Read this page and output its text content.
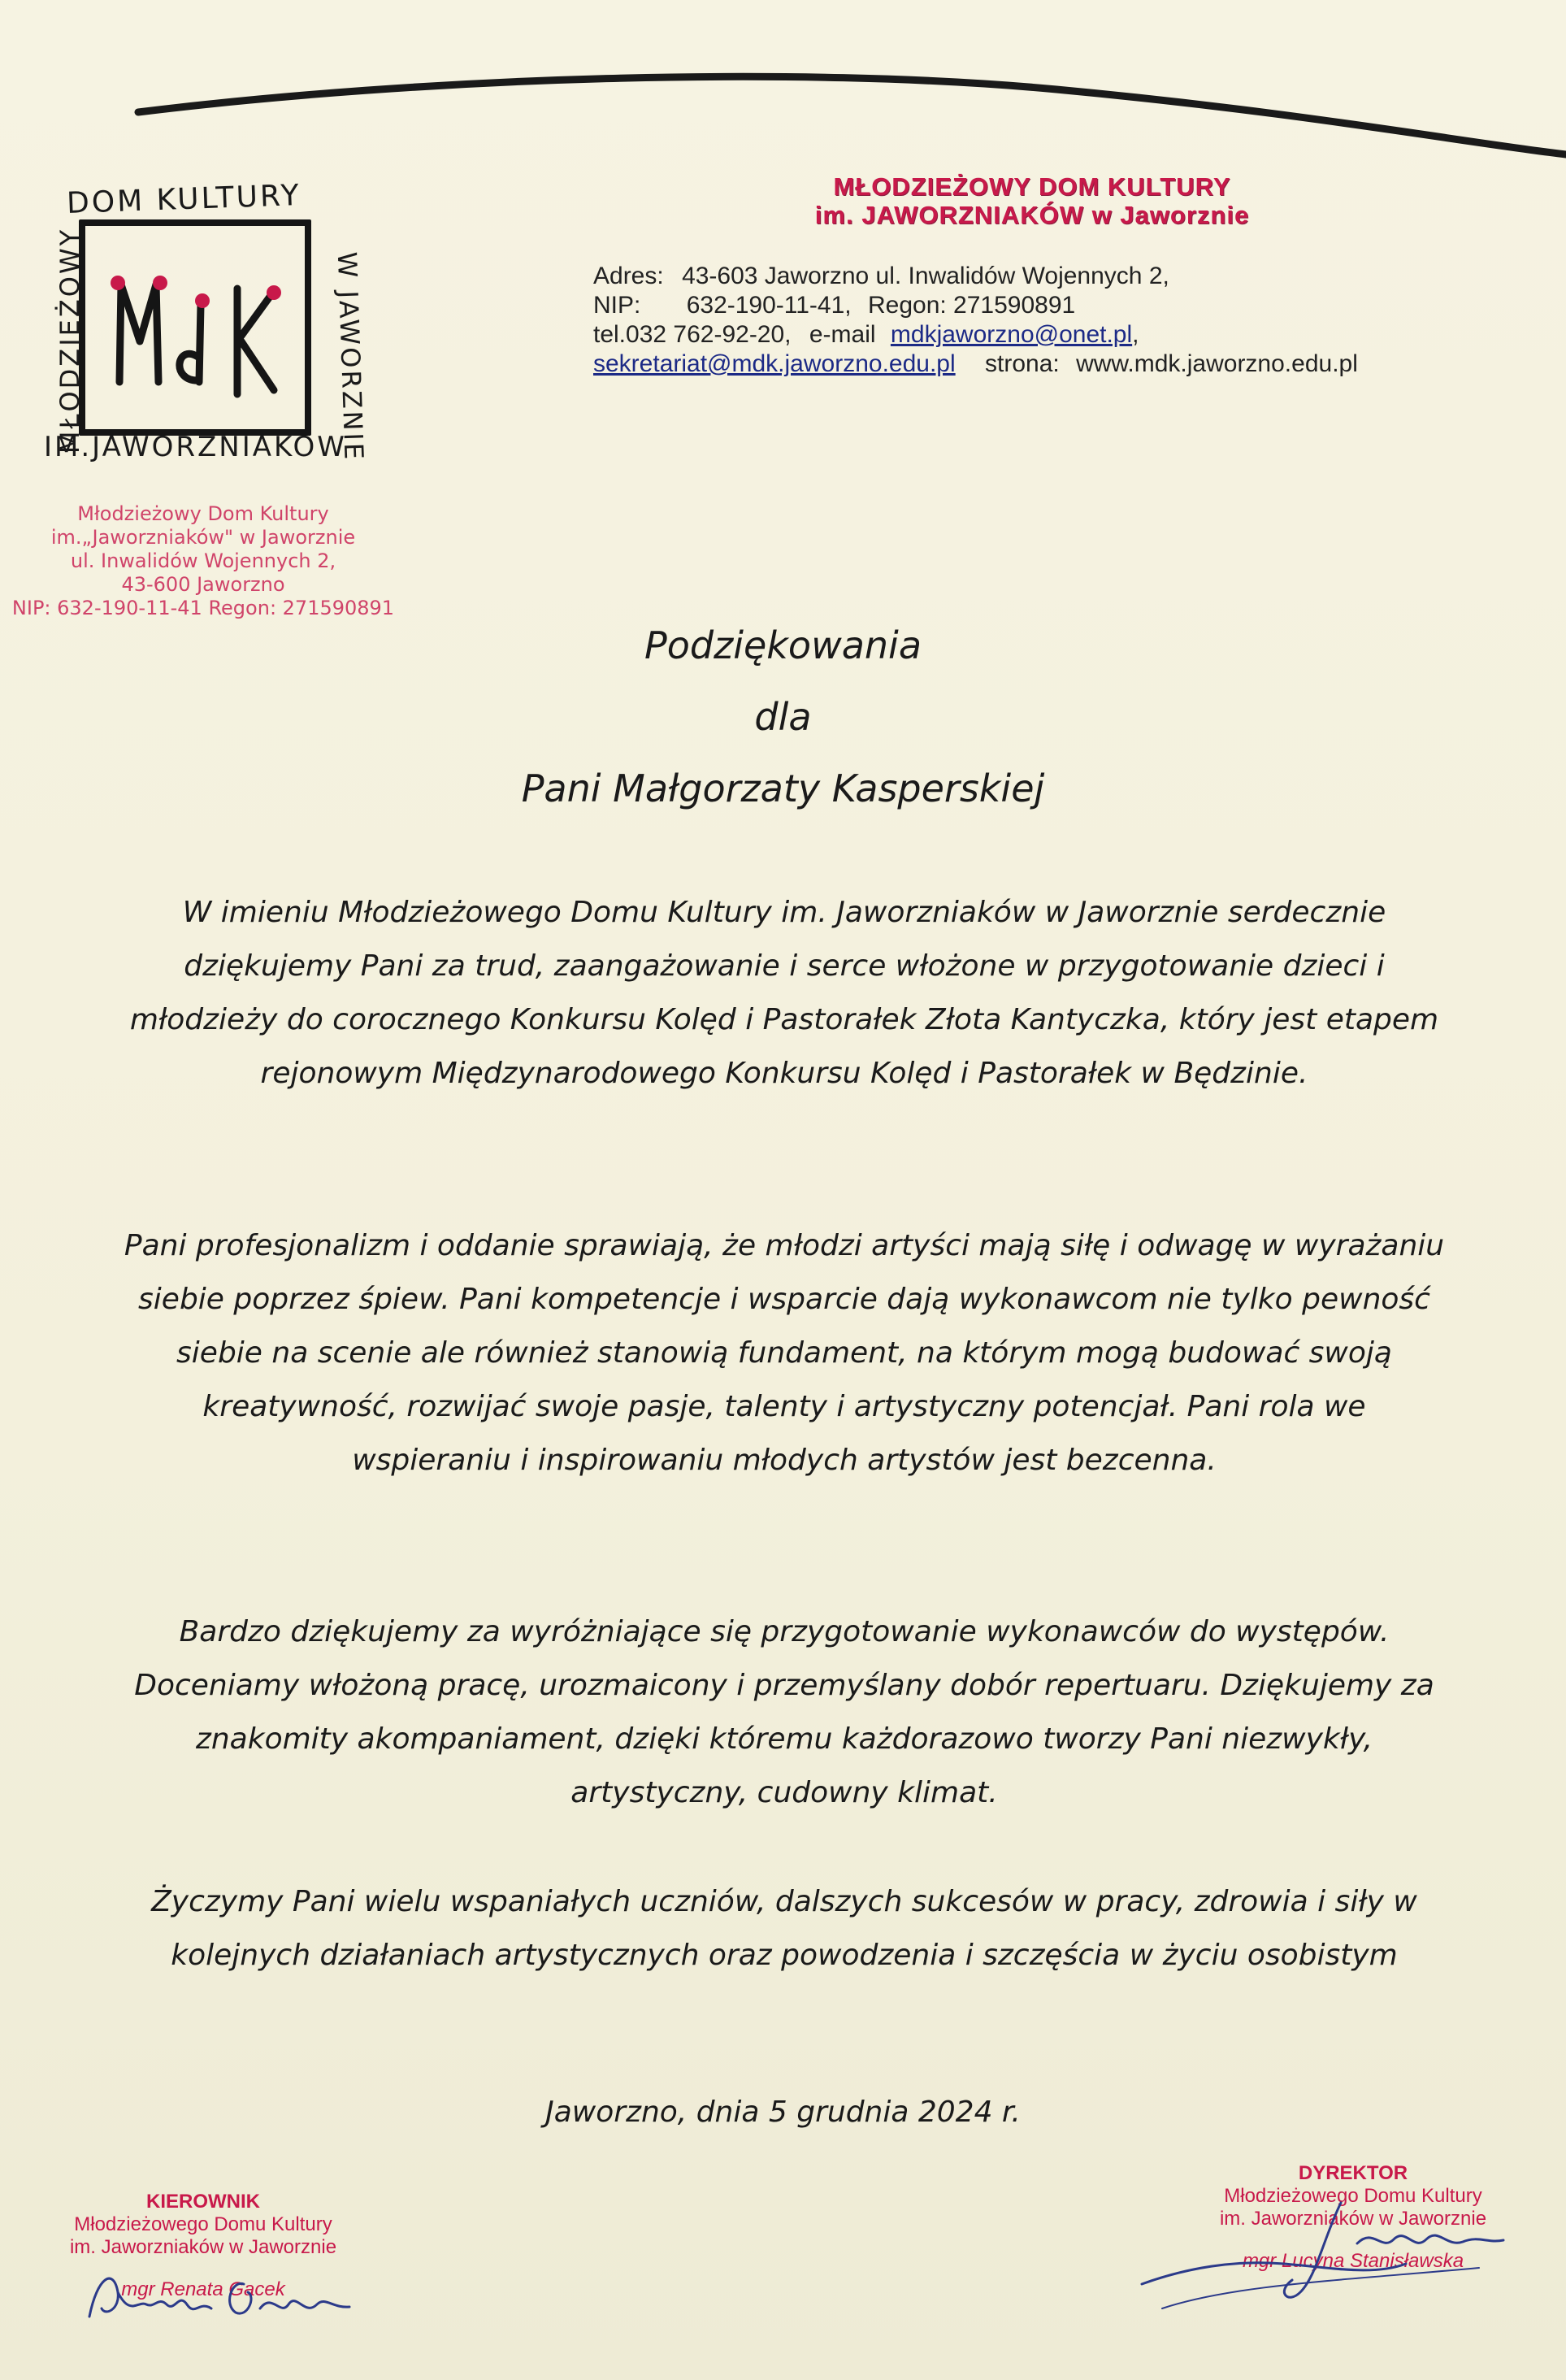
DOM KULTURY
MŁODZIEŻOWY	W JAWORZNIE
IM.JAWORZNIAKÓW
Młodzieżowy Dom Kultury
im.„Jaworzniaków" w Jaworznie
ul. Inwalidów Wojennych 2,
43-600 Jaworzno
NIP: 632-190-11-41 Regon: 271590891
MŁODZIEŻOWY DOM KULTURY
im. JAWORZNIAKÓW w Jaworznie
Adres: 43-603 Jaworzno ul. Inwalidów Wojennych 2,
NIP: 632-190-11-41, Regon: 271590891
tel.032 762-92-20, e-mail mdkjaworzno@onet.pl,
sekretariat@mdk.jaworzno.edu.pl strona: www.mdk.jaworzno.edu.pl
Podziękowania
dla
Pani Małgorzaty Kasperskiej
W imieniu Młodzieżowego Domu Kultury im. Jaworzniaków w Jaworznie serdecznie dziękujemy Pani za trud, zaangażowanie i serce włożone w przygotowanie dzieci i młodzieży do corocznego Konkursu Kolęd i Pastorałek Złota Kantyczka, który jest etapem rejonowym Międzynarodowego Konkursu Kolęd i Pastorałek w Będzinie.
Pani profesjonalizm i oddanie sprawiają, że młodzi artyści mają siłę i odwagę w wyrażaniu siebie poprzez śpiew. Pani kompetencje i wsparcie dają wykonawcom nie tylko pewność siebie na scenie ale również stanowią fundament, na którym mogą budować swoją kreatywność, rozwijać swoje pasje, talenty i artystyczny potencjał. Pani rola we wspieraniu i inspirowaniu młodych artystów jest bezcenna.
Bardzo dziękujemy za wyróżniające się przygotowanie wykonawców do występów. Doceniamy włożoną pracę, urozmaicony i przemyślany dobór repertuaru. Dziękujemy za znakomity akompaniament, dzięki któremu każdorazowo tworzy Pani niezwykły, artystyczny, cudowny klimat.
Życzymy Pani wielu wspaniałych uczniów, dalszych sukcesów w pracy, zdrowia i siły w kolejnych działaniach artystycznych oraz powodzenia i szczęścia w życiu osobistym
Jaworzno, dnia 5 grudnia 2024 r.
KIEROWNIK
Młodzieżowego Domu Kultury
im. Jaworzniaków w Jaworznie
mgr Renata Gacek
DYREKTOR
Młodzieżowego Domu Kultury
im. Jaworzniaków w Jaworznie
mgr Lucyna Stanisławska
